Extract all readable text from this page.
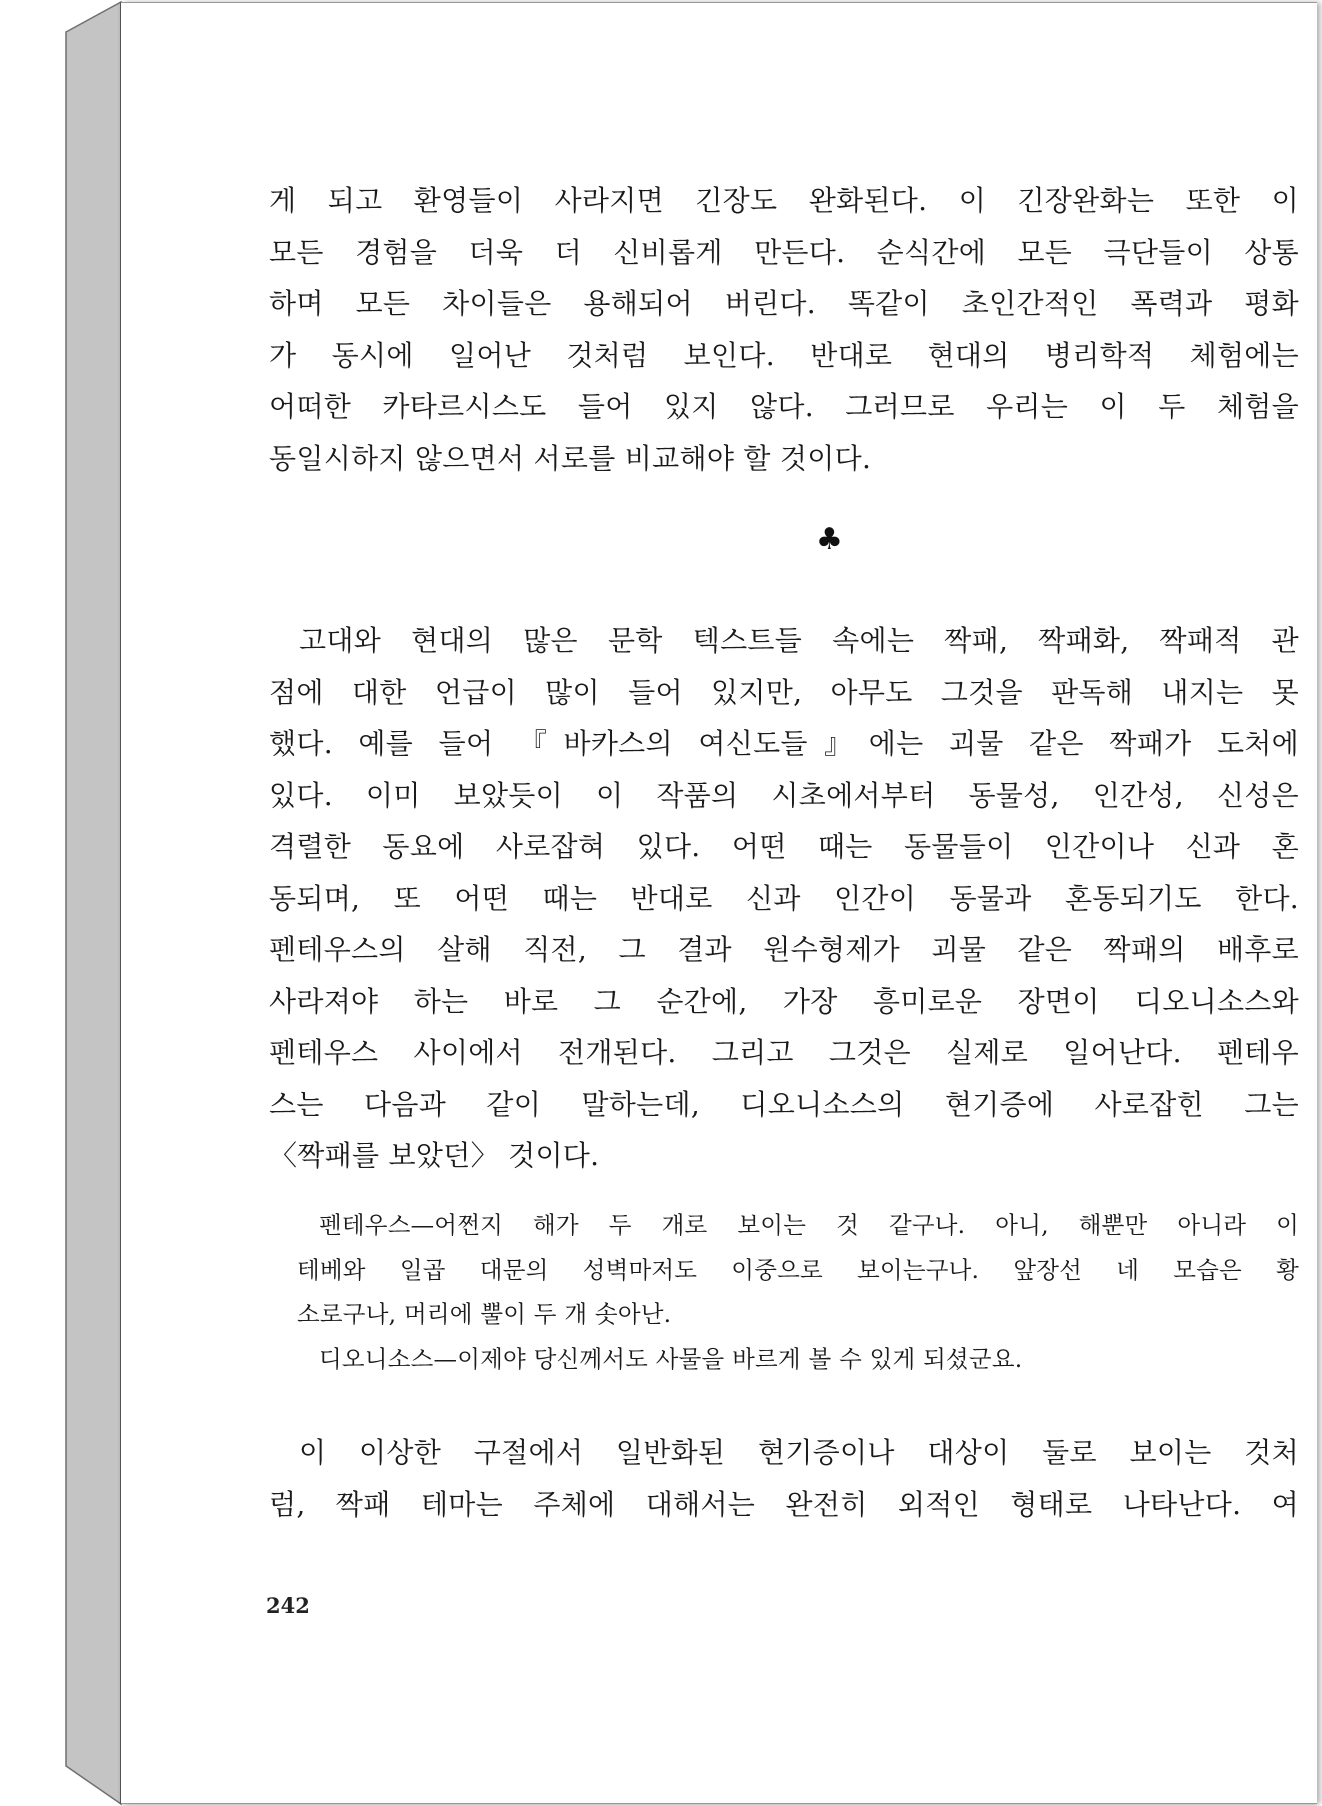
게 되고 환영들이 사라지면 긴장도 완화된다. 이 긴장완화는 또한 이
모든 경험을 더욱 더 신비롭게 만든다. 순식간에 모든 극단들이 상통
하며 모든 차이들은 용해되어 버린다. 똑같이 초인간적인 폭력과 평화
가 동시에 일어난 것처럼 보인다. 반대로 현대의 병리학적 체험에는
어떠한 카타르시스도 들어 있지 않다. 그러므로 우리는 이 두 체험을
동일시하지 않으면서 서로를 비교해야 할 것이다.

♣

고대와 현대의 많은 문학 텍스트들 속에는 짝패, 짝패화, 짝패적 관
점에 대한 언급이 많이 들어 있지만, 아무도 그것을 판독해 내지는 못
했다. 예를 들어 『바카스의 여신도들』에는 괴물 같은 짝패가 도처에
있다. 이미 보았듯이 이 작품의 시초에서부터 동물성, 인간성, 신성은
격렬한 동요에 사로잡혀 있다. 어떤 때는 동물들이 인간이나 신과 혼
동되며, 또 어떤 때는 반대로 신과 인간이 동물과 혼동되기도 한다.
펜테우스의 살해 직전, 그 결과 원수형제가 괴물 같은 짝패의 배후로
사라져야 하는 바로 그 순간에, 가장 흥미로운 장면이 디오니소스와
펜테우스 사이에서 전개된다. 그리고 그것은 실제로 일어난다. 펜테우
스는 다음과 같이 말하는데, 디오니소스의 현기증에 사로잡힌 그는
〈짝패를 보았던〉 것이다.

펜테우스—어쩐지 해가 두 개로 보이는 것 같구나. 아니, 해뿐만 아니라 이
테베와 일곱 대문의 성벽마저도 이중으로 보이는구나. 앞장선 네 모습은 황
소로구나, 머리에 뿔이 두 개 솟아난.
디오니소스—이제야 당신께서도 사물을 바르게 볼 수 있게 되셨군요.

이 이상한 구절에서 일반화된 현기증이나 대상이 둘로 보이는 것처
럼, 짝패 테마는 주체에 대해서는 완전히 외적인 형태로 나타난다. 여

242
